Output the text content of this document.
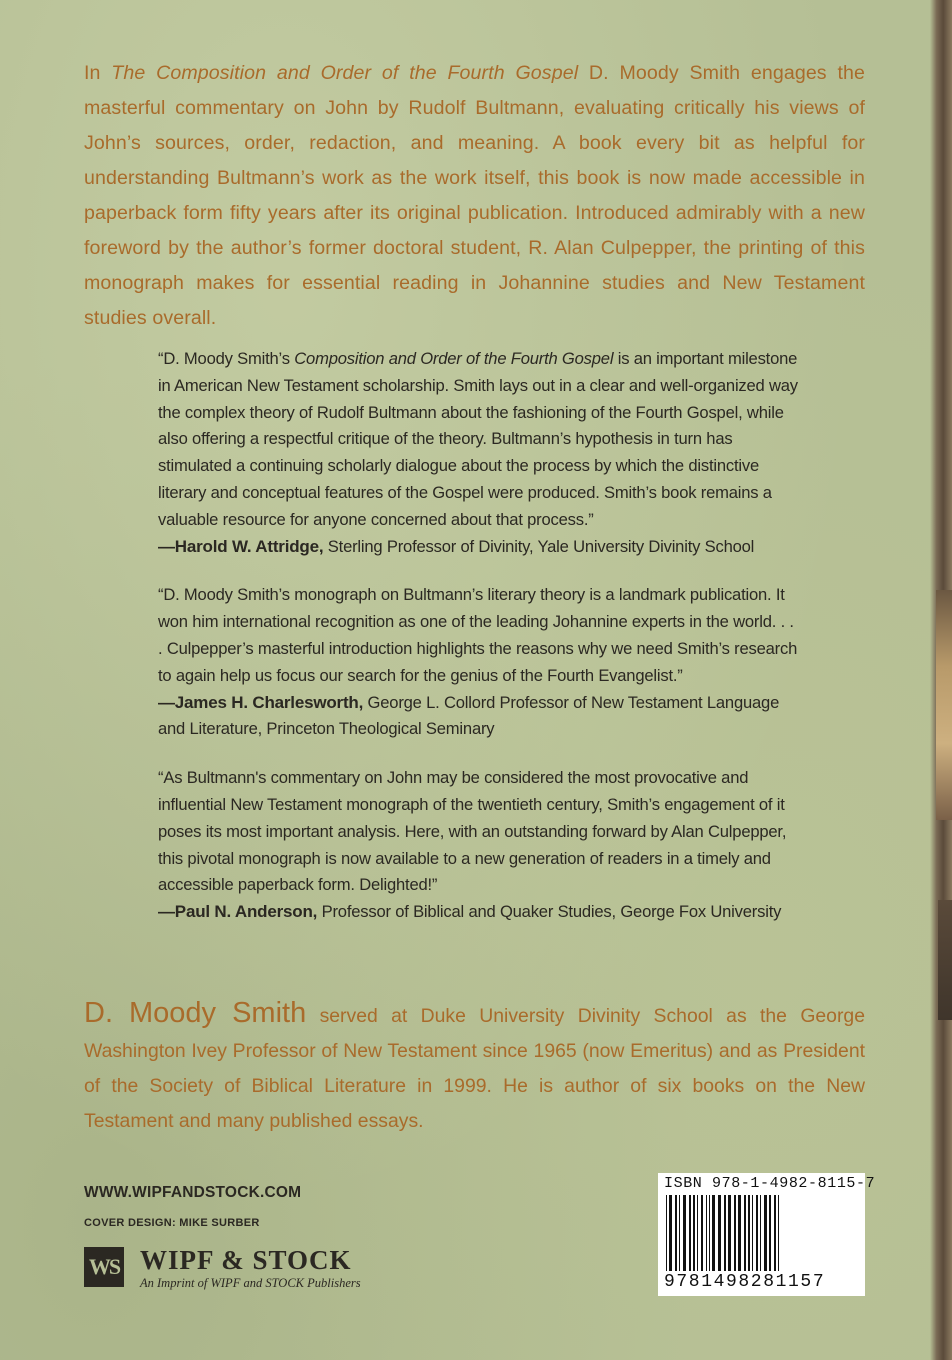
In The Composition and Order of the Fourth Gospel D. Moody Smith engages the masterful commentary on John by Rudolf Bultmann, evaluating critically his views of John’s sources, order, redaction, and meaning. A book every bit as helpful for understanding Bultmann’s work as the work itself, this book is now made accessible in paperback form fifty years after its original publication. Introduced admirably with a new foreword by the author’s former doctoral student, R. Alan Culpepper, the printing of this monograph makes for essential reading in Johannine studies and New Testament studies overall.

“D. Moody Smith’s Composition and Order of the Fourth Gospel is an important milestone in American New Testament scholarship. Smith lays out in a clear and well-organized way the complex theory of Rudolf Bultmann about the fashioning of the Fourth Gospel, while also offering a respectful critique of the theory. Bultmann’s hypothesis in turn has stimulated a continuing scholarly dialogue about the process by which the distinctive literary and conceptual features of the Gospel were produced. Smith’s book remains a valuable resource for anyone concerned about that process.”

—Harold W. Attridge, Sterling Professor of Divinity, Yale University Divinity School

“D. Moody Smith’s monograph on Bultmann’s literary theory is a landmark publication. It won him international recognition as one of the leading Johannine experts in the world. . . . Culpepper’s masterful introduction highlights the reasons why we need Smith’s research to again help us focus our search for the genius of the Fourth Evangelist.”

—James H. Charlesworth, George L. Collord Professor of New Testament Language and Literature, Princeton Theological Seminary

“As Bultmann's commentary on John may be considered the most provocative and influential New Testament monograph of the twentieth century, Smith’s engagement of it poses its most important analysis. Here, with an outstanding forward by Alan Culpepper, this pivotal monograph is now available to a new generation of readers in a timely and accessible paperback form. Delighted!”

—Paul N. Anderson, Professor of Biblical and Quaker Studies, George Fox University

D. Moody Smith served at Duke University Divinity School as the George Washington Ivey Professor of New Testament since 1965 (now Emeritus) and as President of the Society of Biblical Literature in 1999. He is author of six books on the New Testament and many published essays.

WWW.WIPFANDSTOCK.COM
COVER DESIGN: MIKE SURBER
WS WIPF & STOCK
An Imprint of WIPF and STOCK Publishers
ISBN 978-1-4982-8115-7
9781498281157
